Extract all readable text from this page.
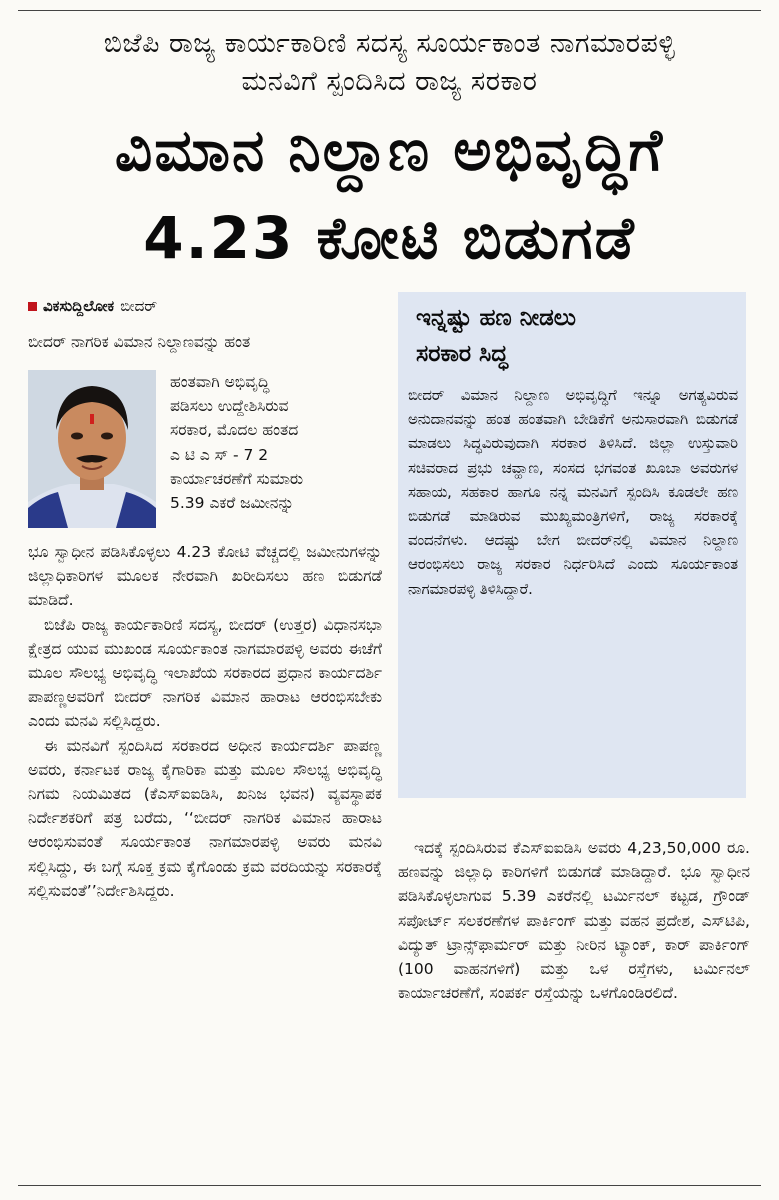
ಬಿಜೆಪಿ ರಾಜ್ಯ ಕಾರ್ಯಕಾರಿಣಿ ಸದಸ್ಯ ಸೂರ್ಯಕಾಂತ ನಾಗಮಾರಪಳ್ಳಿ
ಮನವಿಗೆ ಸ್ಪಂದಿಸಿದ ರಾಜ್ಯ ಸರಕಾರ
ವಿಮಾನ ನಿಲ್ದಾಣ ಅಭಿವೃದ್ಧಿಗೆ
4.23 ಕೋಟಿ ಬಿಡುಗಡೆ
ವಿಕಸುದ್ದಿಲೋಕ ಬೀದರ್

ಬೀದರ್ ನಾಗರಿಕ ವಿಮಾನ ನಿಲ್ದಾಣವನ್ನು ಹಂತ

ಹಂತವಾಗಿ ಅಭಿವೃದ್ಧಿ
ಪಡಿಸಲು ಉದ್ದೇಶಿಸಿರುವ
ಸರಕಾರ, ಮೊದಲ ಹಂತದ
ಎ ಟಿ ಎ ಸ್ - 7 2
ಕಾರ್ಯಾಚರಣೆಗೆ ಸುಮಾರು
5.39 ಎಕರೆ ಜಮೀನನ್ನು

ಭೂ ಸ್ವಾಧೀನ ಪಡಿಸಿಕೊಳ್ಳಲು 4.23 ಕೋಟಿ ವೆಚ್ಚದಲ್ಲಿ ಜಮೀನುಗಳನ್ನು ಜಿಲ್ಲಾಧಿಕಾರಿಗಳ ಮೂಲಕ ನೇರವಾಗಿ ಖರೀದಿಸಲು ಹಣ ಬಿಡುಗಡೆ ಮಾಡಿದೆ.

ಬಿಜೆಪಿ ರಾಜ್ಯ ಕಾರ್ಯಕಾರಿಣಿ ಸದಸ್ಯ, ಬೀದರ್ (ಉತ್ತರ) ವಿಧಾನಸಭಾ ಕ್ಷೇತ್ರದ ಯುವ ಮುಖಂಡ ಸೂರ್ಯಕಾಂತ ನಾಗಮಾರಪಳ್ಳಿ ಅವರು ಈಚೆಗೆ ಮೂಲ ಸೌಲಭ್ಯ ಅಭಿವೃದ್ಧಿ ಇಲಾಖೆಯ ಸರಕಾರದ ಪ್ರಧಾನ ಕಾರ್ಯದರ್ಶಿ ಪಾಪಣ್ಣಅವರಿಗೆ ಬೀದರ್ ನಾಗರಿಕ ವಿಮಾನ ಹಾರಾಟ ಆರಂಭಿಸಬೇಕು ಎಂದು ಮನವಿ ಸಲ್ಲಿಸಿದ್ದರು.

ಈ ಮನವಿಗೆ ಸ್ಪಂದಿಸಿದ ಸರಕಾರದ ಅಧೀನ ಕಾರ್ಯದರ್ಶಿ ಪಾಪಣ್ಣ ಅವರು, ಕರ್ನಾಟಕ ರಾಜ್ಯ ಕೈಗಾರಿಕಾ ಮತ್ತು ಮೂಲ ಸೌಲಭ್ಯ ಅಭಿವೃದ್ಧಿ ನಿಗಮ ನಿಯಮಿತದ (ಕೆಎಸ್ಐಐಡಿಸಿ, ಖನಿಜ ಭವನ) ವ್ಯವಸ್ಥಾಪಕ ನಿರ್ದೇಶಕರಿಗೆ ಪತ್ರ ಬರೆದು, ‘‘ಬೀದರ್ ನಾಗರಿಕ ವಿಮಾನ ಹಾರಾಟ ಆರಂಭಿಸುವಂತೆ ಸೂರ್ಯಕಾಂತ ನಾಗಮಾರಪಳ್ಳಿ ಅವರು ಮನವಿ ಸಲ್ಲಿಸಿದ್ದು, ಈ ಬಗ್ಗೆ ಸೂಕ್ತ ಕ್ರಮ ಕೈಗೊಂಡು ಕ್ರಮ ವರದಿಯನ್ನು ಸರಕಾರಕ್ಕೆ ಸಲ್ಲಿಸುವಂತೆ’’ನಿರ್ದೇಶಿಸಿದ್ದರು.

ಇನ್ನಷ್ಟು ಹಣ ನೀಡಲು
ಸರಕಾರ ಸಿದ್ಧ
ಬೀದರ್ ವಿಮಾನ ನಿಲ್ದಾಣ ಅಭಿವೃದ್ಧಿಗೆ ಇನ್ನೂ ಅಗತ್ಯವಿರುವ ಅನುದಾನವನ್ನು ಹಂತ ಹಂತವಾಗಿ ಬೇಡಿಕೆಗೆ ಅನುಸಾರವಾಗಿ ಬಿಡುಗಡೆ ಮಾಡಲು ಸಿದ್ಧವಿರುವುದಾಗಿ ಸರಕಾರ ತಿಳಿಸಿದೆ. ಜಿಲ್ಲಾ ಉಸ್ತುವಾರಿ ಸಚಿವರಾದ ಪ್ರಭು ಚವ್ಹಾಣ, ಸಂಸದ ಭಗವಂತ ಖೂಬಾ ಅವರುಗಳ ಸಹಾಯ, ಸಹಕಾರ ಹಾಗೂ ನನ್ನ ಮನವಿಗೆ ಸ್ಪಂದಿಸಿ ಕೂಡಲೇ ಹಣ ಬಿಡುಗಡೆ ಮಾಡಿರುವ ಮುಖ್ಯಮಂತ್ರಿಗಳಿಗೆ, ರಾಜ್ಯ ಸರಕಾರಕ್ಕೆ ವಂದನೆಗಳು. ಆದಷ್ಟು ಬೇಗ ಬೀದರ್‌ನಲ್ಲಿ ವಿಮಾನ ನಿಲ್ದಾಣ ಆರಂಭಿಸಲು ರಾಜ್ಯ ಸರಕಾರ ನಿರ್ಧರಿಸಿದೆ ಎಂದು ಸೂರ್ಯಕಾಂತ ನಾಗಮಾರಪಳ್ಳಿ ತಿಳಿಸಿದ್ದಾರೆ.

ಇದಕ್ಕೆ ಸ್ಪಂದಿಸಿರುವ ಕೆಎಸ್ಐಐಡಿಸಿ ಅವರು 4,23,50,000 ರೂ. ಹಣವನ್ನು ಜಿಲ್ಲಾಧಿ ಕಾರಿಗಳಿಗೆ ಬಿಡುಗಡೆ ಮಾಡಿದ್ದಾರೆ. ಭೂ ಸ್ವಾಧೀನ ಪಡಿಸಿಕೊಳ್ಳಲಾಗುವ 5.39 ಎಕರೆನಲ್ಲಿ ಟರ್ಮಿನಲ್ ಕಟ್ಟಡ, ಗ್ರೌಂಡ್ ಸಪೋರ್ಟ್ ಸಲಕರಣೆಗಳ ಪಾರ್ಕಿಂಗ್ ಮತ್ತು ವಹನ ಪ್ರದೇಶ, ಎಸ್‌ಟಿಪಿ, ವಿದ್ಯುತ್ ಟ್ರಾನ್ಸ್‌ಫಾರ್ಮರ್ ಮತ್ತು ನೀರಿನ ಟ್ಯಾಂಕ್, ಕಾರ್ ಪಾರ್ಕಿಂಗ್ (100 ವಾಹನಗಳಿಗೆ) ಮತ್ತು ಒಳ ರಸ್ತೆಗಳು, ಟರ್ಮಿನಲ್ ಕಾರ್ಯಾಚರಣೆಗೆ, ಸಂಪರ್ಕ ರಸ್ತೆಯನ್ನು ಒಳಗೊಂಡಿರಲಿದೆ.
